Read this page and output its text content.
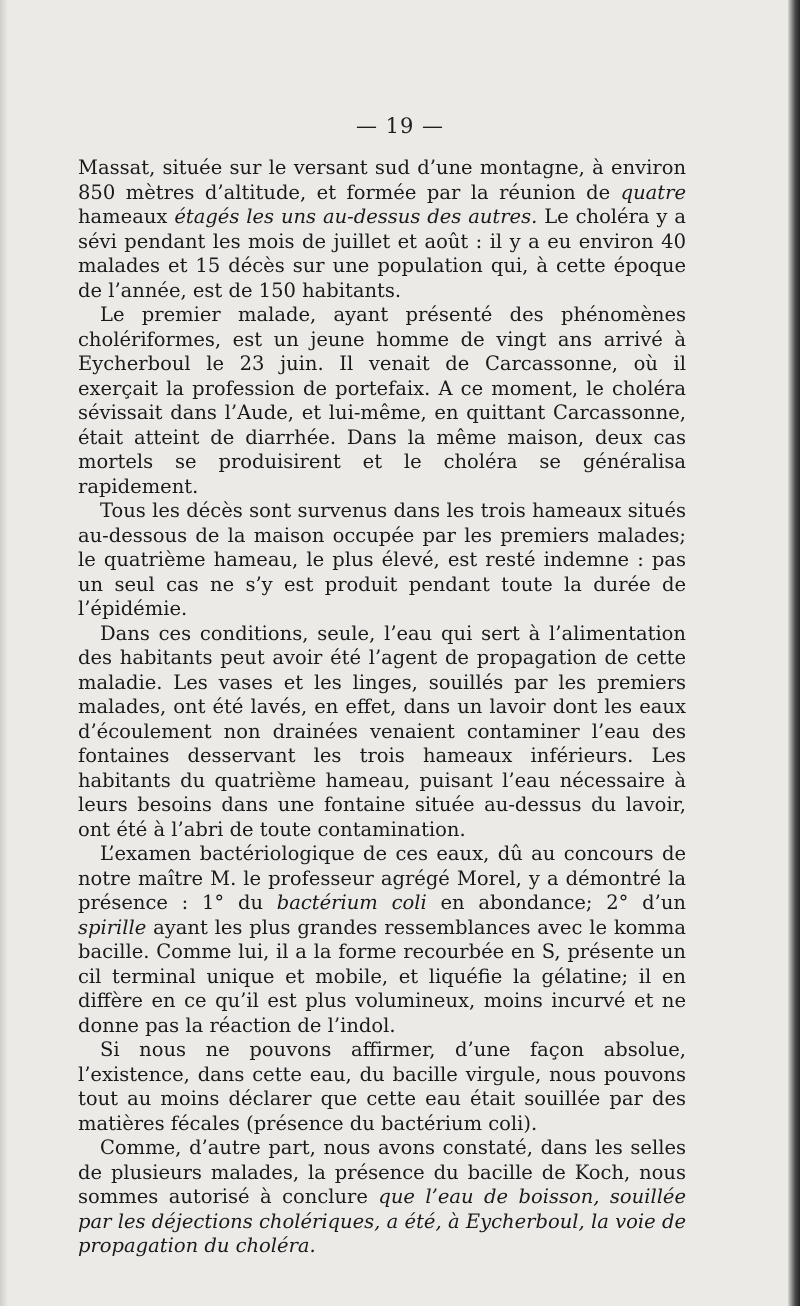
— 19 —

Massat, située sur le versant sud d’une montagne, à environ 850 mètres d’altitude, et formée par la réunion de quatre hameaux étagés les uns au-dessus des autres. Le choléra y a sévi pendant les mois de juillet et août : il y a eu environ 40 malades et 15 décès sur une population qui, à cette époque de l’année, est de 150 habitants.

Le premier malade, ayant présenté des phénomènes cholériformes, est un jeune homme de vingt ans arrivé à Eycherboul le 23 juin. Il venait de Carcassonne, où il exerçait la profession de portefaix. A ce moment, le choléra sévissait dans l’Aude, et lui-même, en quittant Carcassonne, était atteint de diarrhée. Dans la même maison, deux cas mortels se produisirent et le choléra se généralisa rapidement.

Tous les décès sont survenus dans les trois hameaux situés au-dessous de la maison occupée par les premiers malades; le quatrième hameau, le plus élevé, est resté indemne : pas un seul cas ne s’y est produit pendant toute la durée de l’épidémie.

Dans ces conditions, seule, l’eau qui sert à l’alimentation des habitants peut avoir été l’agent de propagation de cette maladie. Les vases et les linges, souillés par les premiers malades, ont été lavés, en effet, dans un lavoir dont les eaux d’écoulement non drainées venaient contaminer l’eau des fontaines desservant les trois hameaux inférieurs. Les habitants du quatrième hameau, puisant l’eau nécessaire à leurs besoins dans une fontaine située au-dessus du lavoir, ont été à l’abri de toute contamination.

L’examen bactériologique de ces eaux, dû au concours de notre maître M. le professeur agrégé Morel, y a démontré la présence : 1° du bactérium coli en abondance; 2° d’un spirille ayant les plus grandes ressemblances avec le komma bacille. Comme lui, il a la forme recourbée en S, présente un cil terminal unique et mobile, et liquéfie la gélatine; il en diffère en ce qu’il est plus volumineux, moins incurvé et ne donne pas la réaction de l’indol.

Si nous ne pouvons affirmer, d’une façon absolue, l’existence, dans cette eau, du bacille virgule, nous pouvons tout au moins déclarer que cette eau était souillée par des matières fécales (présence du bactérium coli).

Comme, d’autre part, nous avons constaté, dans les selles de plusieurs malades, la présence du bacille de Koch, nous sommes autorisé à conclure que l’eau de boisson, souillée par les déjections cholériques, a été, à Eycherboul, la voie de propagation du choléra.
